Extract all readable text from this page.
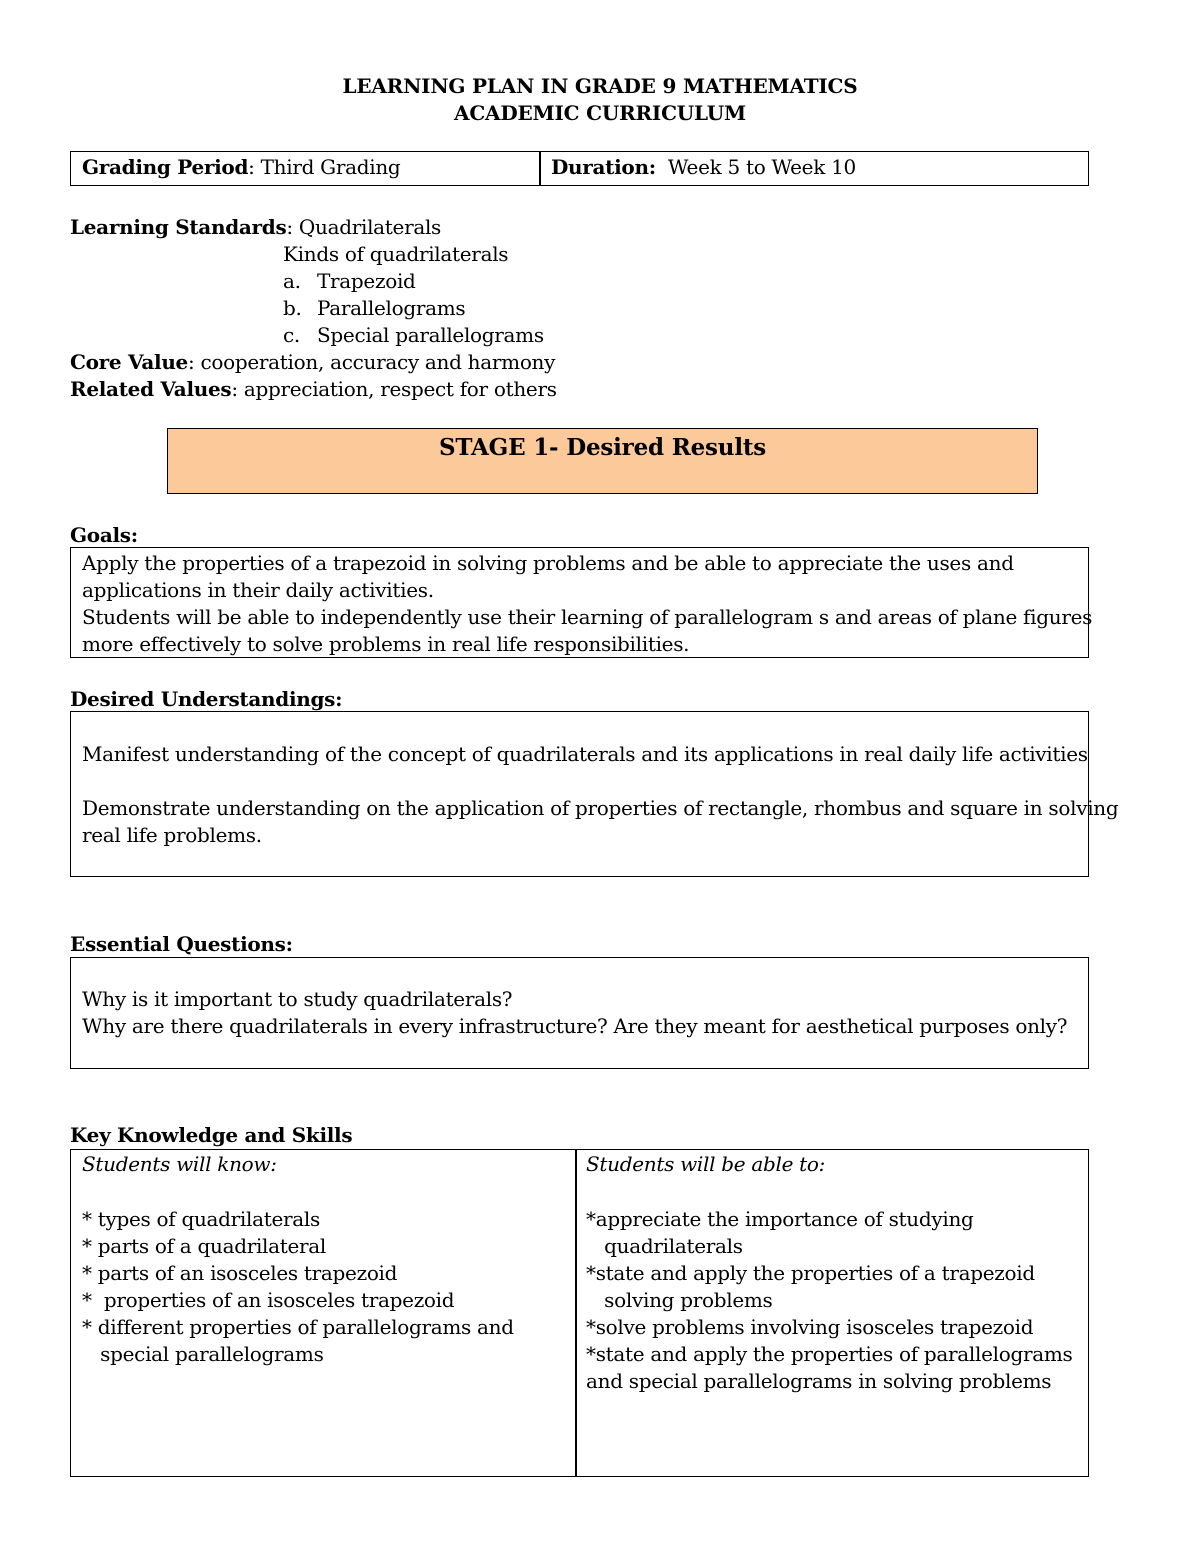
LEARNING PLAN IN GRADE 9 MATHEMATICS
ACADEMIC CURRICULUM
Grading Period: Third Grading	Duration: Week 5 to Week 10
Learning Standards: Quadrilaterals
Kinds of quadrilaterals
a. Trapezoid
b. Parallelograms
c. Special parallelograms
Core Value: cooperation, accuracy and harmony
Related Values: appreciation, respect for others
STAGE 1- Desired Results
Goals:
Apply the properties of a trapezoid in solving problems and be able to appreciate the uses and
applications in their daily activities.
Students will be able to independently use their learning of parallelogram s and areas of plane figures
more effectively to solve problems in real life responsibilities.
Desired Understandings:
Manifest understanding of the concept of quadrilaterals and its applications in real daily life activities
Demonstrate understanding on the application of properties of rectangle, rhombus and square in solving
real life problems.
Essential Questions:
Why is it important to study quadrilaterals?
Why are there quadrilaterals in every infrastructure? Are they meant for aesthetical purposes only?
Key Knowledge and Skills
Students will know:
* types of quadrilaterals
* parts of a quadrilateral
* parts of an isosceles trapezoid
*  properties of an isosceles trapezoid
* different properties of parallelograms and
special parallelograms
Students will be able to:
*appreciate the importance of studying
quadrilaterals
*state and apply the properties of a trapezoid
solving problems
*solve problems involving isosceles trapezoid
*state and apply the properties of parallelograms
and special parallelograms in solving problems
